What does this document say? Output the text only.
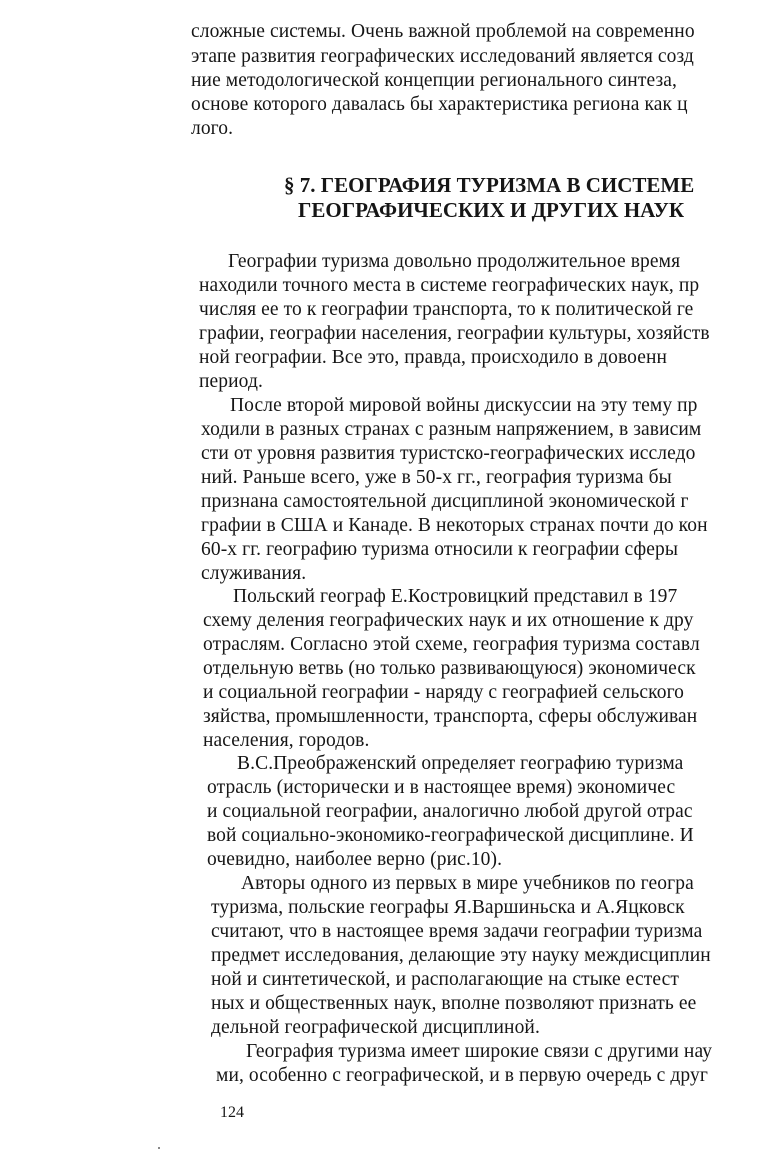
сложные системы. Очень важной проблемой на современно
этапе развития географических исследований является созд
ние методологической концепции регионального синтеза,
основе которого давалась бы характеристика региона как ц
лого.
§ 7. ГЕОГРАФИЯ ТУРИЗМА В СИСТЕМЕ
ГЕОГРАФИЧЕСКИХ И ДРУГИХ НАУК
Географии туризма довольно продолжительное время
находили точного места в системе географических наук, пр
числяя ее то к географии транспорта, то к политической ге
графии, географии населения, географии культуры, хозяйств
ной географии. Все это, правда, происходило в довоенн
период.
После второй мировой войны дискуссии на эту тему пр
ходили в разных странах с разным напряжением, в зависим
сти от уровня развития туристско-географических исследо
ний. Раньше всего, уже в 50-х гг., география туризма бы
признана самостоятельной дисциплиной экономической г
графии в США и Канаде. В некоторых странах почти до кон
60-х гг. географию туризма относили к географии сферы
служивания.
Польский географ Е.Костровицкий представил в 197
схему деления географических наук и их отношение к дру
отраслям. Согласно этой схеме, география туризма составл
отдельную ветвь (но только развивающуюся) экономическ
и социальной географии - наряду с географией сельского
зяйства, промышленности, транспорта, сферы обслуживан
населения, городов.
В.С.Преображенский определяет географию туризма
отрасль (исторически и в настоящее время) экономичес
и социальной географии, аналогично любой другой отрас
вой социально-экономико-географической дисциплине. И
очевидно, наиболее верно (рис.10).
Авторы одного из первых в мире учебников по геогра
туризма, польские географы Я.Варшиньска и А.Яцковск
считают, что в настоящее время задачи географии туризма
предмет исследования, делающие эту науку междисциплин
ной и синтетической, и располагающие на стыке естест
ных и общественных наук, вполне позволяют признать ее
дельной географической дисциплиной.
География туризма имеет широкие связи с другими нау
ми, особенно с географической, и в первую очередь с друг
124
